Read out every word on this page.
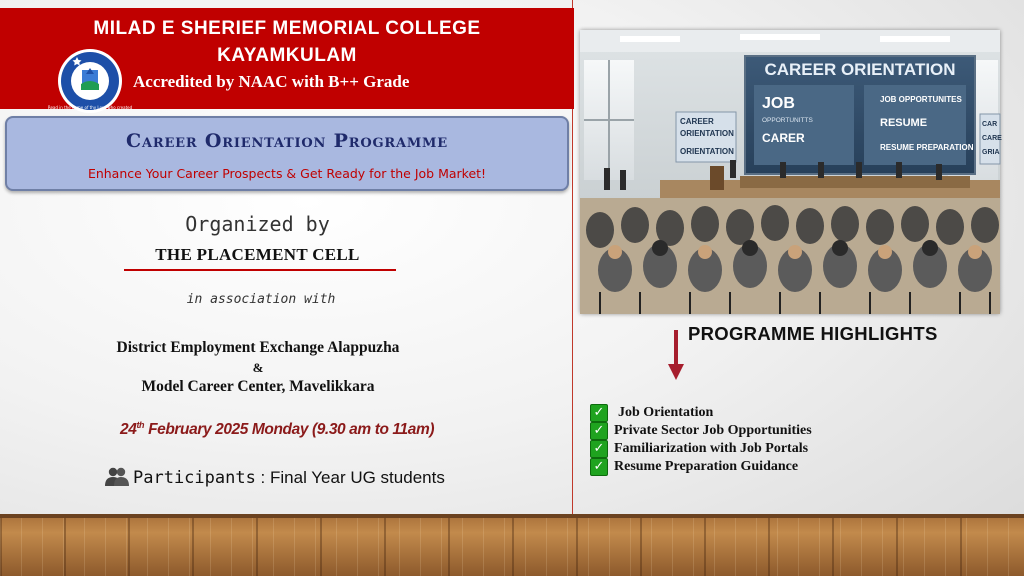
MILAD E SHERIEF MEMORIAL COLLEGE
KAYAMKULAM
Read in the name of thy Lord who created
Accredited by NAAC with B++ Grade
Career Orientation Programme
Enhance Your Career Prospects & Get Ready for the Job Market!
Organized by
THE PLACEMENT CELL
in association with
District Employment Exchange Alappuzha
&
Model Career Center, Mavelikkara
24th February 2025 Monday (9.30 am to 11am)
Participants : Final Year UG students
CAREER ORIENTATION
JOB
OPPORTUNITTS
CARER
JOB OPPORTUNITES
RESUME
RESUME PREPARATION
CAREER
ORIENTATION
ORIENTATION
CAR
CARE
GRIA
PROGRAMME HIGHLIGHTS
✓ Job Orientation
✓ Private Sector Job Opportunities
✓ Familiarization with Job Portals
✓ Resume Preparation Guidance
